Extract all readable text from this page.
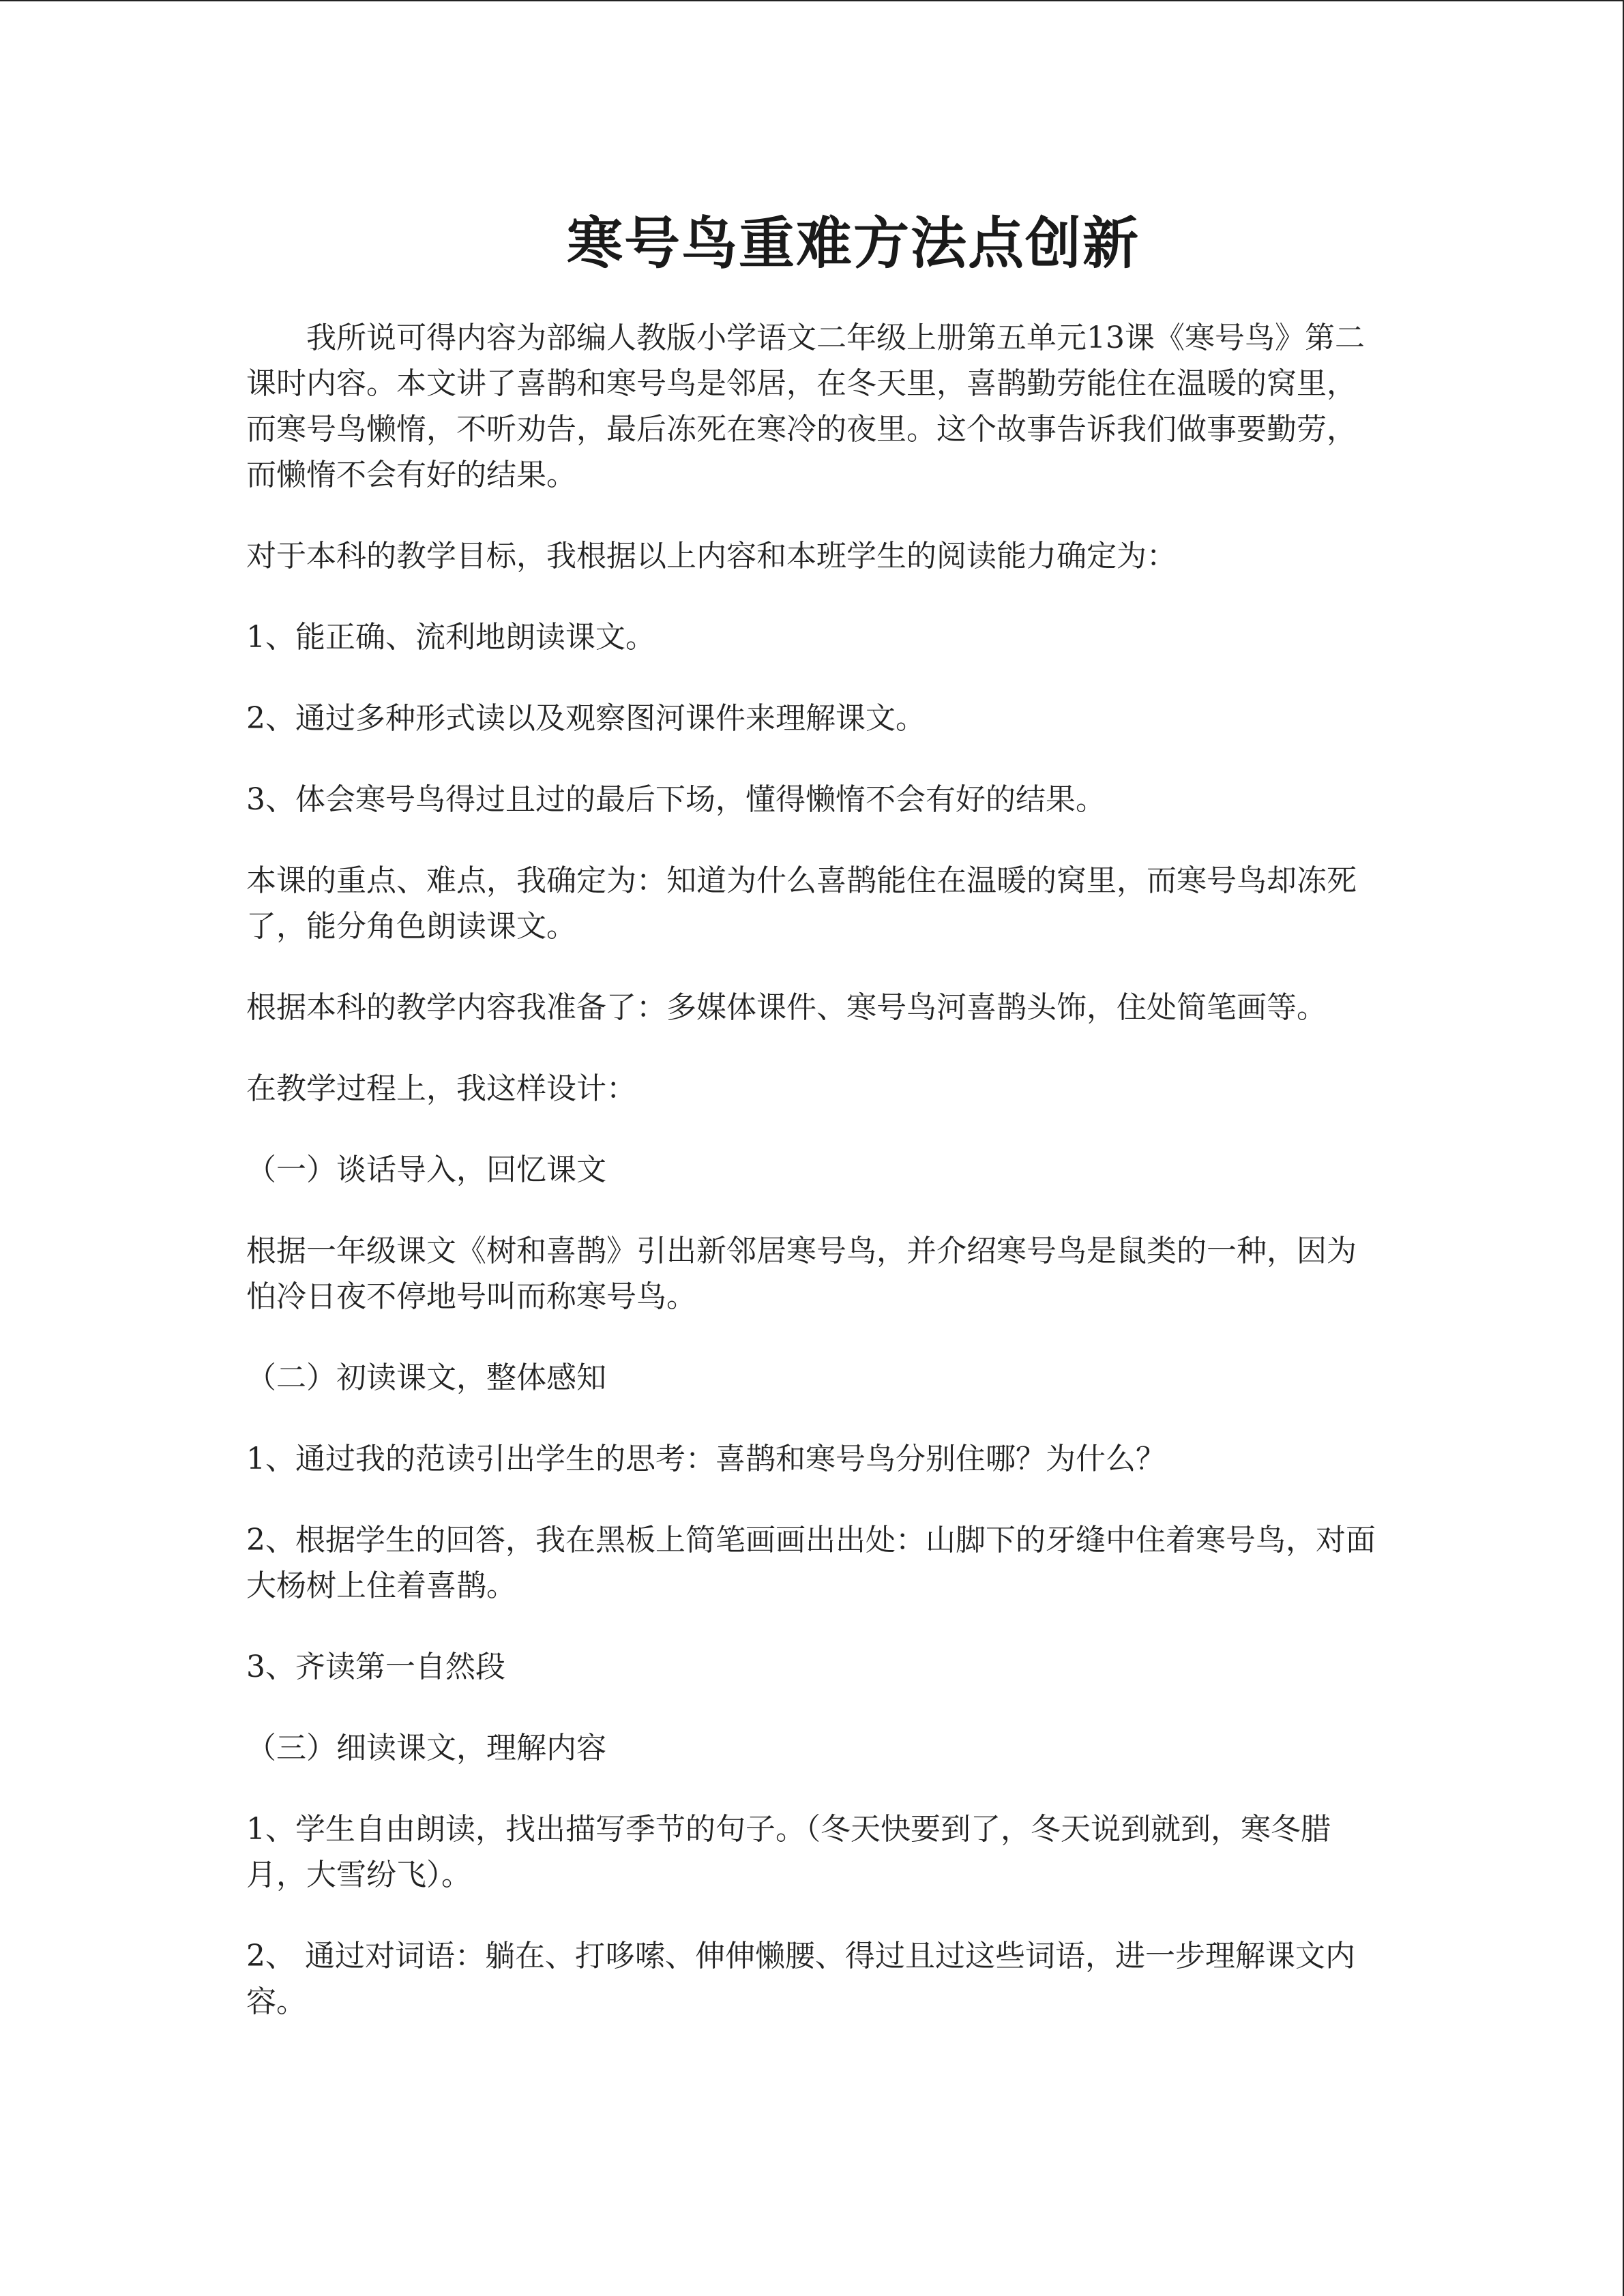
寒号鸟重难方法点创新

我所说可得内容为部编人教版小学语文二年级上册第五单元13课《寒号鸟》第二课时内容。本文讲了喜鹊和寒号鸟是邻居，在冬天里，喜鹊勤劳能住在温暖的窝里，而寒号鸟懒惰，不听劝告，最后冻死在寒冷的夜里。这个故事告诉我们做事要勤劳，而懒惰不会有好的结果。

对于本科的教学目标，我根据以上内容和本班学生的阅读能力确定为：

1、能正确、流利地朗读课文。

2、通过多种形式读以及观察图河课件来理解课文。

3、体会寒号鸟得过且过的最后下场，懂得懒惰不会有好的结果。

本课的重点、难点，我确定为：知道为什么喜鹊能住在温暖的窝里，而寒号鸟却冻死了，能分角色朗读课文。

根据本科的教学内容我准备了：多媒体课件、寒号鸟河喜鹊头饰，住处简笔画等。

在教学过程上，我这样设计：

（一）谈话导入，回忆课文

根据一年级课文《树和喜鹊》引出新邻居寒号鸟，并介绍寒号鸟是鼠类的一种，因为怕冷日夜不停地号叫而称寒号鸟。

（二）初读课文，整体感知

1、通过我的范读引出学生的思考：喜鹊和寒号鸟分别住哪？为什么？

2、根据学生的回答，我在黑板上简笔画画出出处：山脚下的牙缝中住着寒号鸟，对面大杨树上住着喜鹊。

3、齐读第一自然段

（三）细读课文，理解内容

1、学生自由朗读，找出描写季节的句子。（冬天快要到了，冬天说到就到，寒冬腊月，大雪纷飞）。

2、 通过对词语：躺在、打哆嗦、伸伸懒腰、得过且过这些词语，进一步理解课文内容。
